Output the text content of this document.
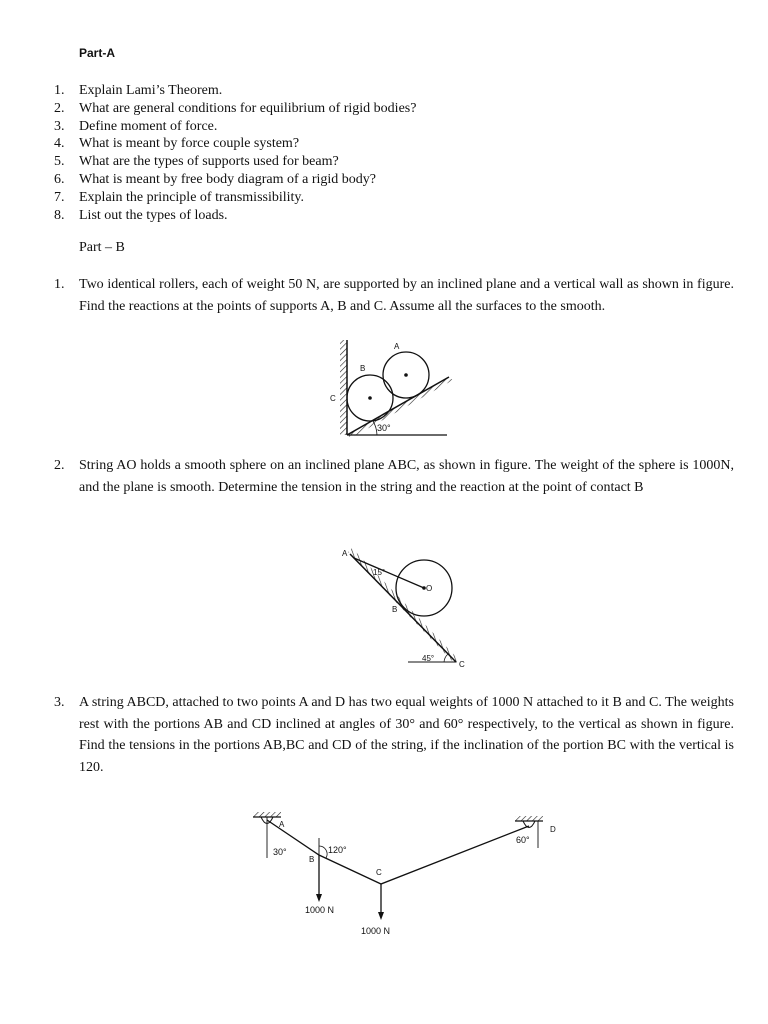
Part-A
1.	Explain Lami’s Theorem.
2.	What are general conditions for equilibrium of rigid bodies?
3.	Define moment of force.
4.	What is meant by force couple system?
5.	What are the types of supports used for beam?
6.	What is meant by free body diagram of a rigid body?
7.	Explain the principle of transmissibility.
8.	List out the types of loads.
Part – B
1.	Two identical rollers, each of weight 50 N, are supported by an inclined plane and a vertical wall as shown in figure. Find the reactions at the points of supports A, B and C. Assume all the surfaces to the smooth.
A
B
C
30°
2.	String AO holds a smooth sphere on an inclined plane ABC, as shown in figure. The weight of the sphere is 1000N, and the plane is smooth. Determine the tension in the string and the reaction at the point of contact B
A
B
C
O
15°
45°
3.	A string ABCD, attached to two points A and D has two equal weights of 1000 N attached to it B and C. The weights rest with the portions AB and CD inclined at angles of 30° and 60° respectively, to the vertical as shown in figure. Find the tensions in the portions AB,BC and CD of the string, if the inclination of the portion BC with the vertical is 120.
A
B
C
D
30°	120°
60°
1000 N
1000 N
